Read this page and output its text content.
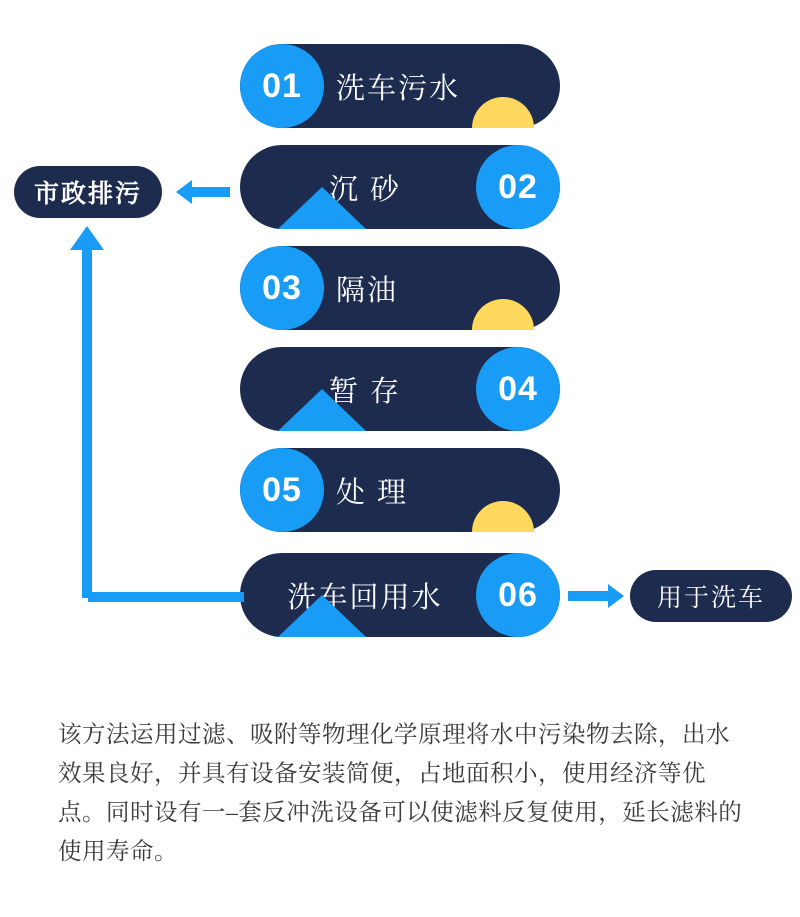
01	洗车污水
02
沉 砂
03	隔油
04
暂 存
05	处 理
06
洗车回用水
市政排污
用于洗车

该方法运用过滤、吸附等物理化学原理将水中污染物去除，出水效果良好，并具有设备安装简便，占地面积小，使用经济等优点。同时设有一–套反冲洗设备可以使滤料反复使用，延长滤料的使用寿命。
